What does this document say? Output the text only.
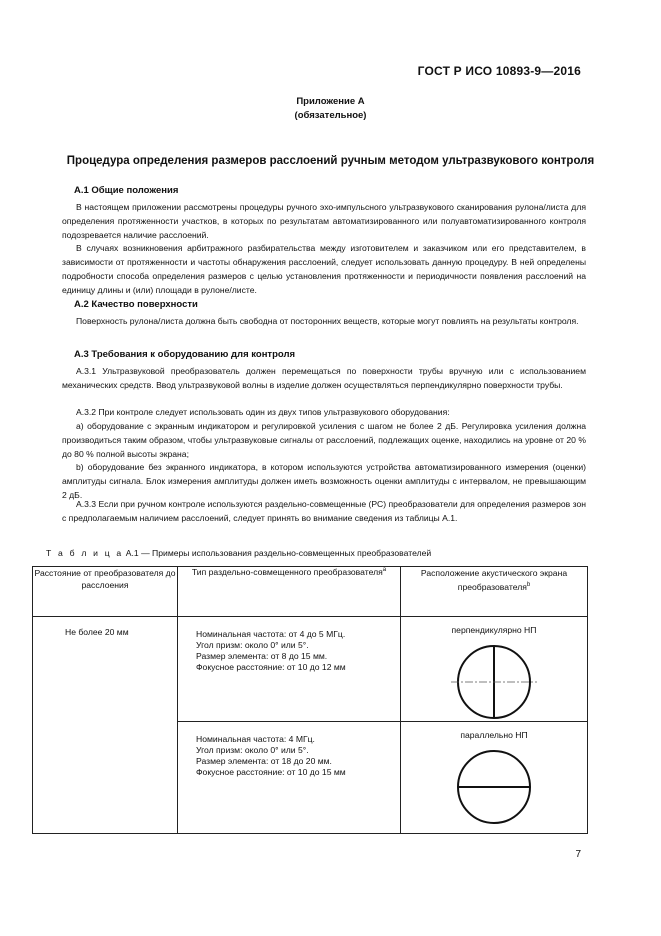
ГОСТ Р ИСО 10893-9—2016
Приложение А
(обязательное)
Процедура определения размеров расслоений ручным методом ультразвукового контроля
А.1 Общие положения

В настоящем приложении рассмотрены процедуры ручного эхо-импульсного ультразвукового сканирования рулона/листа для определения протяженности участков, в которых по результатам автоматизированного или полуавтоматизированного контроля подозревается наличие расслоений.

В случаях возникновения арбитражного разбирательства между изготовителем и заказчиком или его представителем, в зависимости от протяженности и частоты обнаружения расслоений, следует использовать данную процедуру. В ней определены подробности способа определения размеров с целью установления протяженности и периодичности появления расслоений на единицу длины и (или) площади в рулоне/листе.

А.2 Качество поверхности

Поверхность рулона/листа должна быть свободна от посторонних веществ, которые могут повлиять на результаты контроля.

А.3 Требования к оборудованию для контроля

А.3.1 Ультразвуковой преобразователь должен перемещаться по поверхности трубы вручную или с использованием механических средств. Ввод ультразвуковой волны в изделие должен осуществляться перпендикулярно поверхности трубы.

А.3.2 При контроле следует использовать один из двух типов ультразвукового оборудования:

а) оборудование с экранным индикатором и регулировкой усиления с шагом не более 2 дБ. Регулировка усиления должна производиться таким образом, чтобы ультразвуковые сигналы от расслоений, подлежащих оценке, находились на уровне от 20 % до 80 % полной высоты экрана;

b) оборудование без экранного индикатора, в котором используются устройства автоматизированного измерения (оценки) амплитуды сигнала. Блок измерения амплитуды должен иметь возможность оценки амплитуды с интервалом, не превышающим 2 дБ.

А.3.3 Если при ручном контроле используются раздельно-совмещенные (РС) преобразователи для определения размеров зон с предполагаемым наличием расслоений, следует принять во внимание сведения из таблицы А.1.

Т а б л и ц а А.1 — Примеры использования раздельно-совмещенных преобразователей
Расстояние от преобразователя до расслоения	Тип раздельно-совмещенного преобразователя$^a$	Расположение акустического экрана преобразователя$^b$
Не более 20 мм	Номинальная частота: от 4 до 5 МГц.
Угол призм: около 0° или 5°.
Размер элемента: от 8 до 15 мм.
Фокусное расстояние: от 10 до 12 мм	перпендикулярно НП

	Номинальная частота: 4 МГц.
Угол призм: около 0° или 5°.
Размер элемента: от 18 до 20 мм.
Фокусное расстояние: от 10 до 15 мм	параллельно НП
7
